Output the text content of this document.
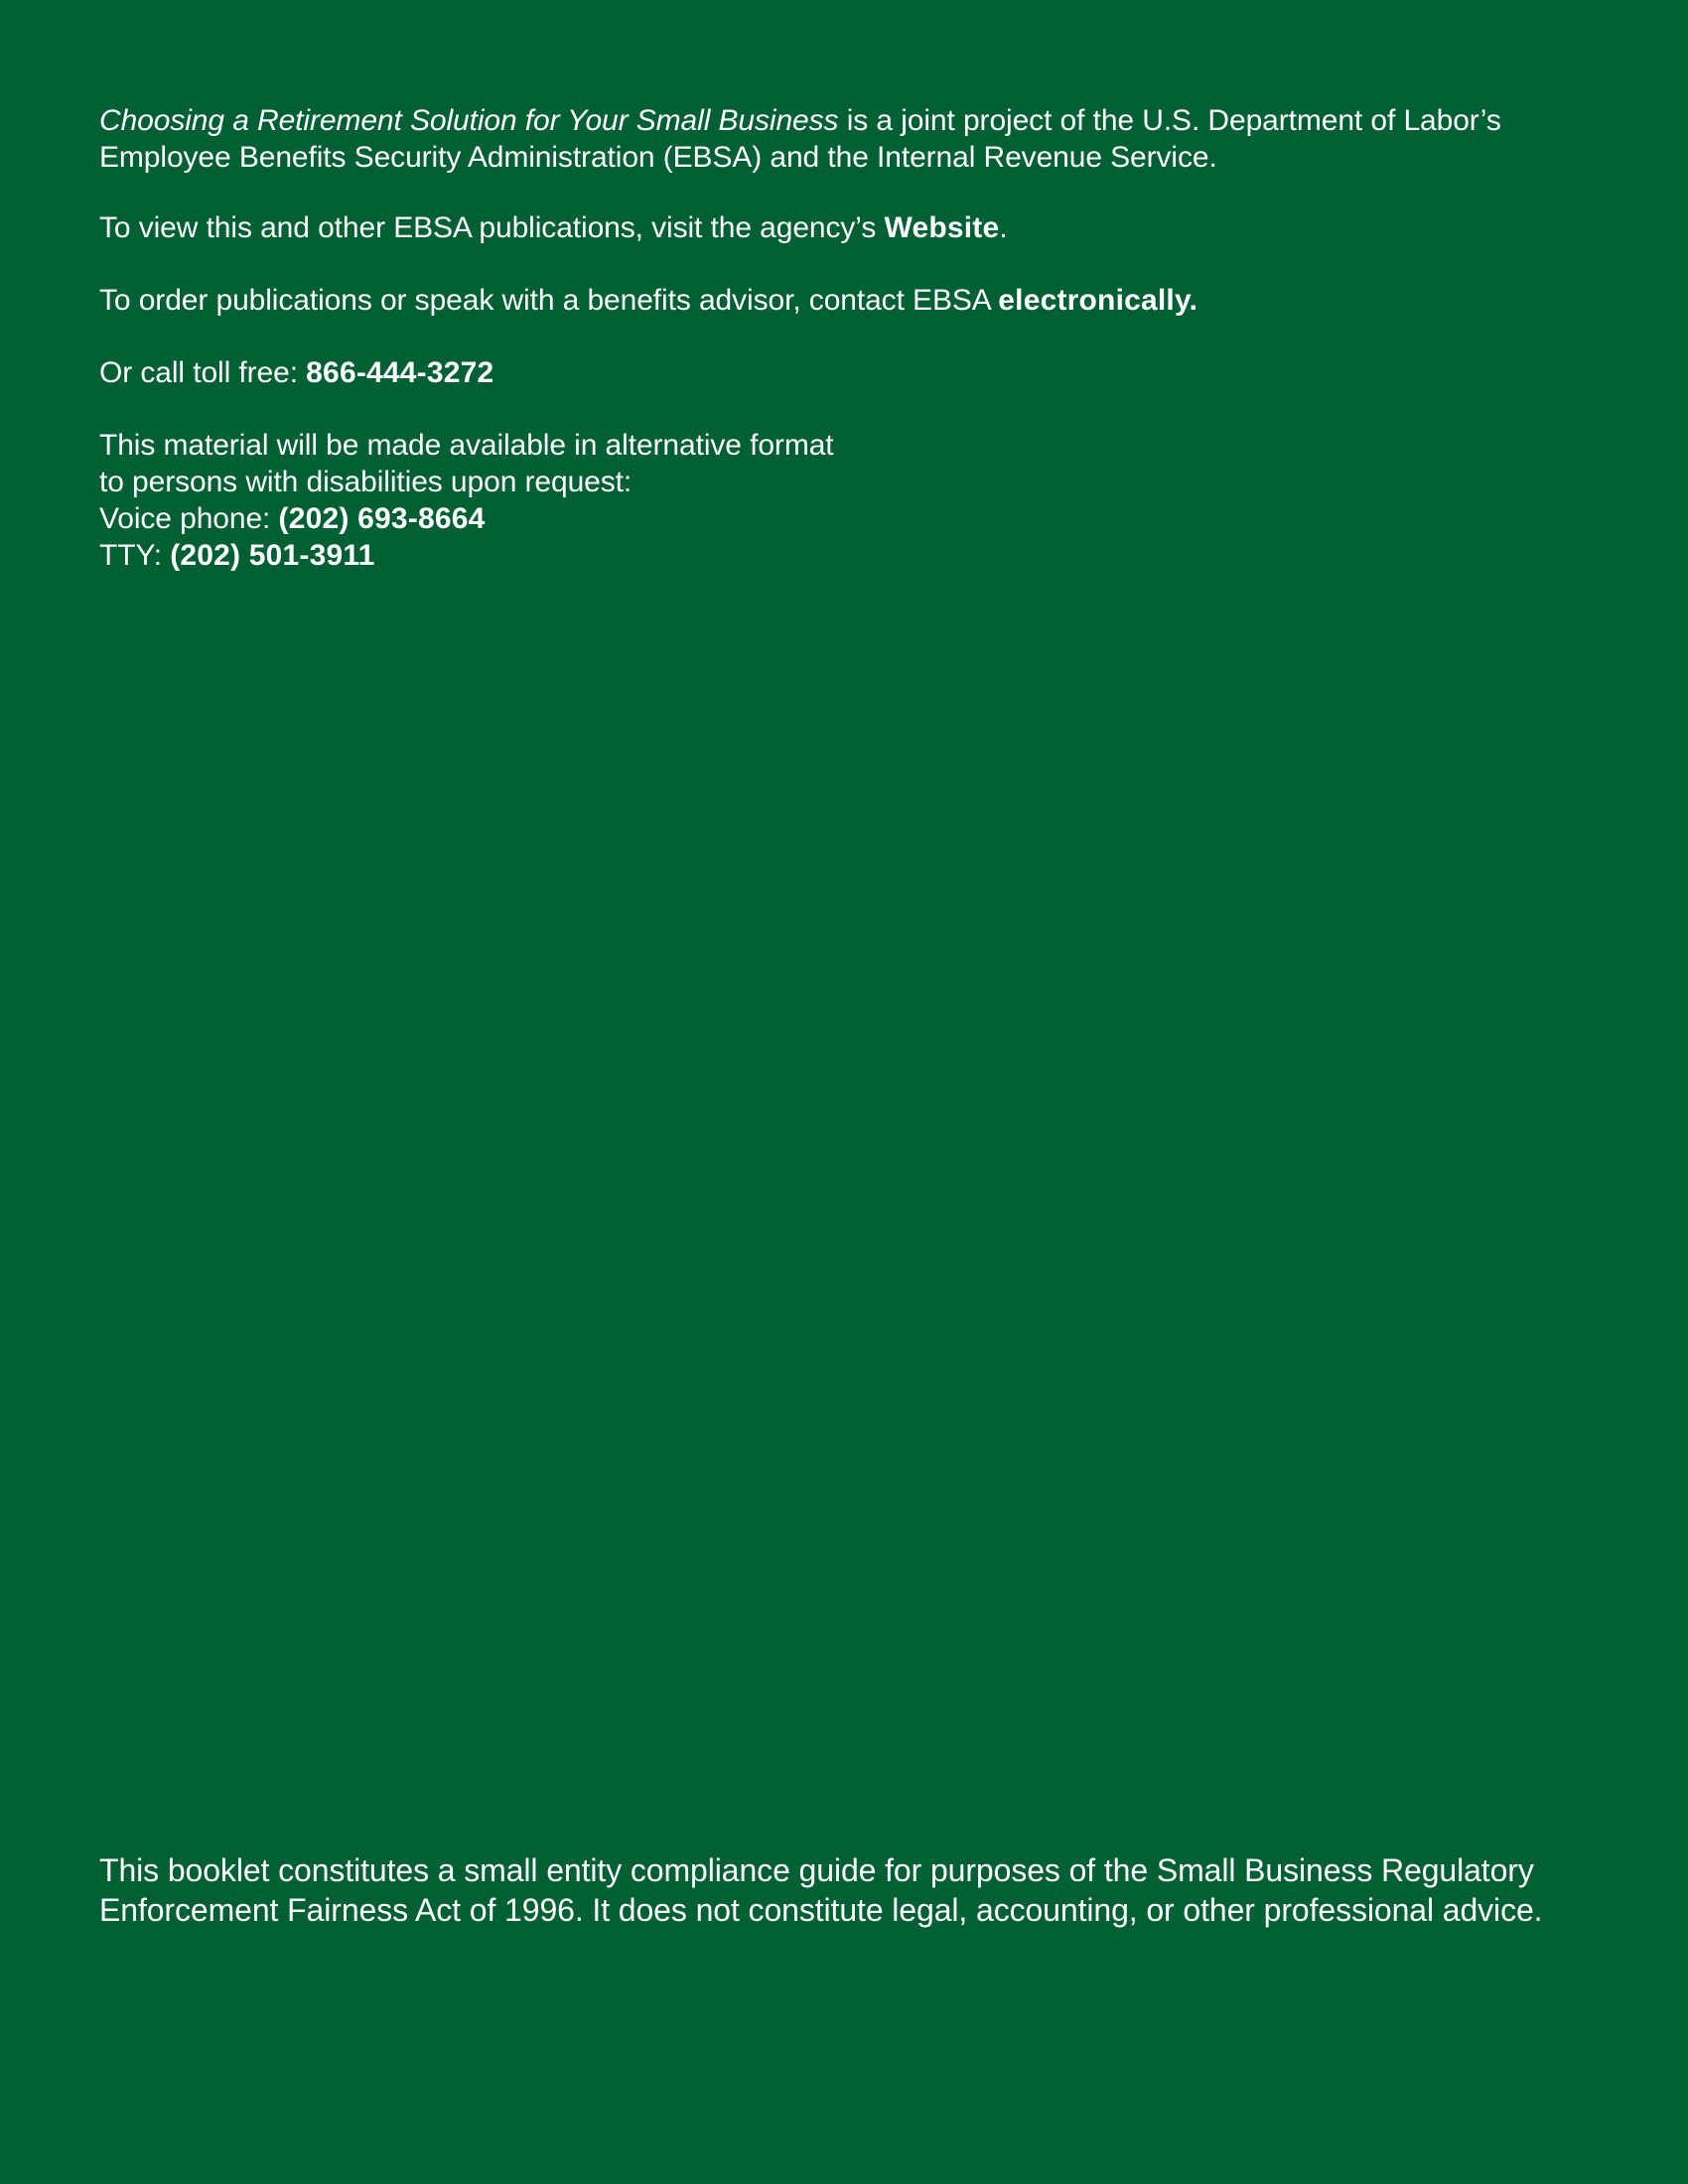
Choosing a Retirement Solution for Your Small Business is a joint project of the U.S. Department of Labor’s Employee Benefits Security Administration (EBSA) and the Internal Revenue Service.

To view this and other EBSA publications, visit the agency’s Website.

To order publications or speak with a benefits advisor, contact EBSA electronically.

Or call toll free: 866-444-3272

This material will be made available in alternative format

to persons with disabilities upon request:

Voice phone: (202) 693-8664

TTY: (202) 501-3911

This booklet constitutes a small entity compliance guide for purposes of the Small Business Regulatory Enforcement Fairness Act of 1996. It does not constitute legal, accounting, or other professional advice.
